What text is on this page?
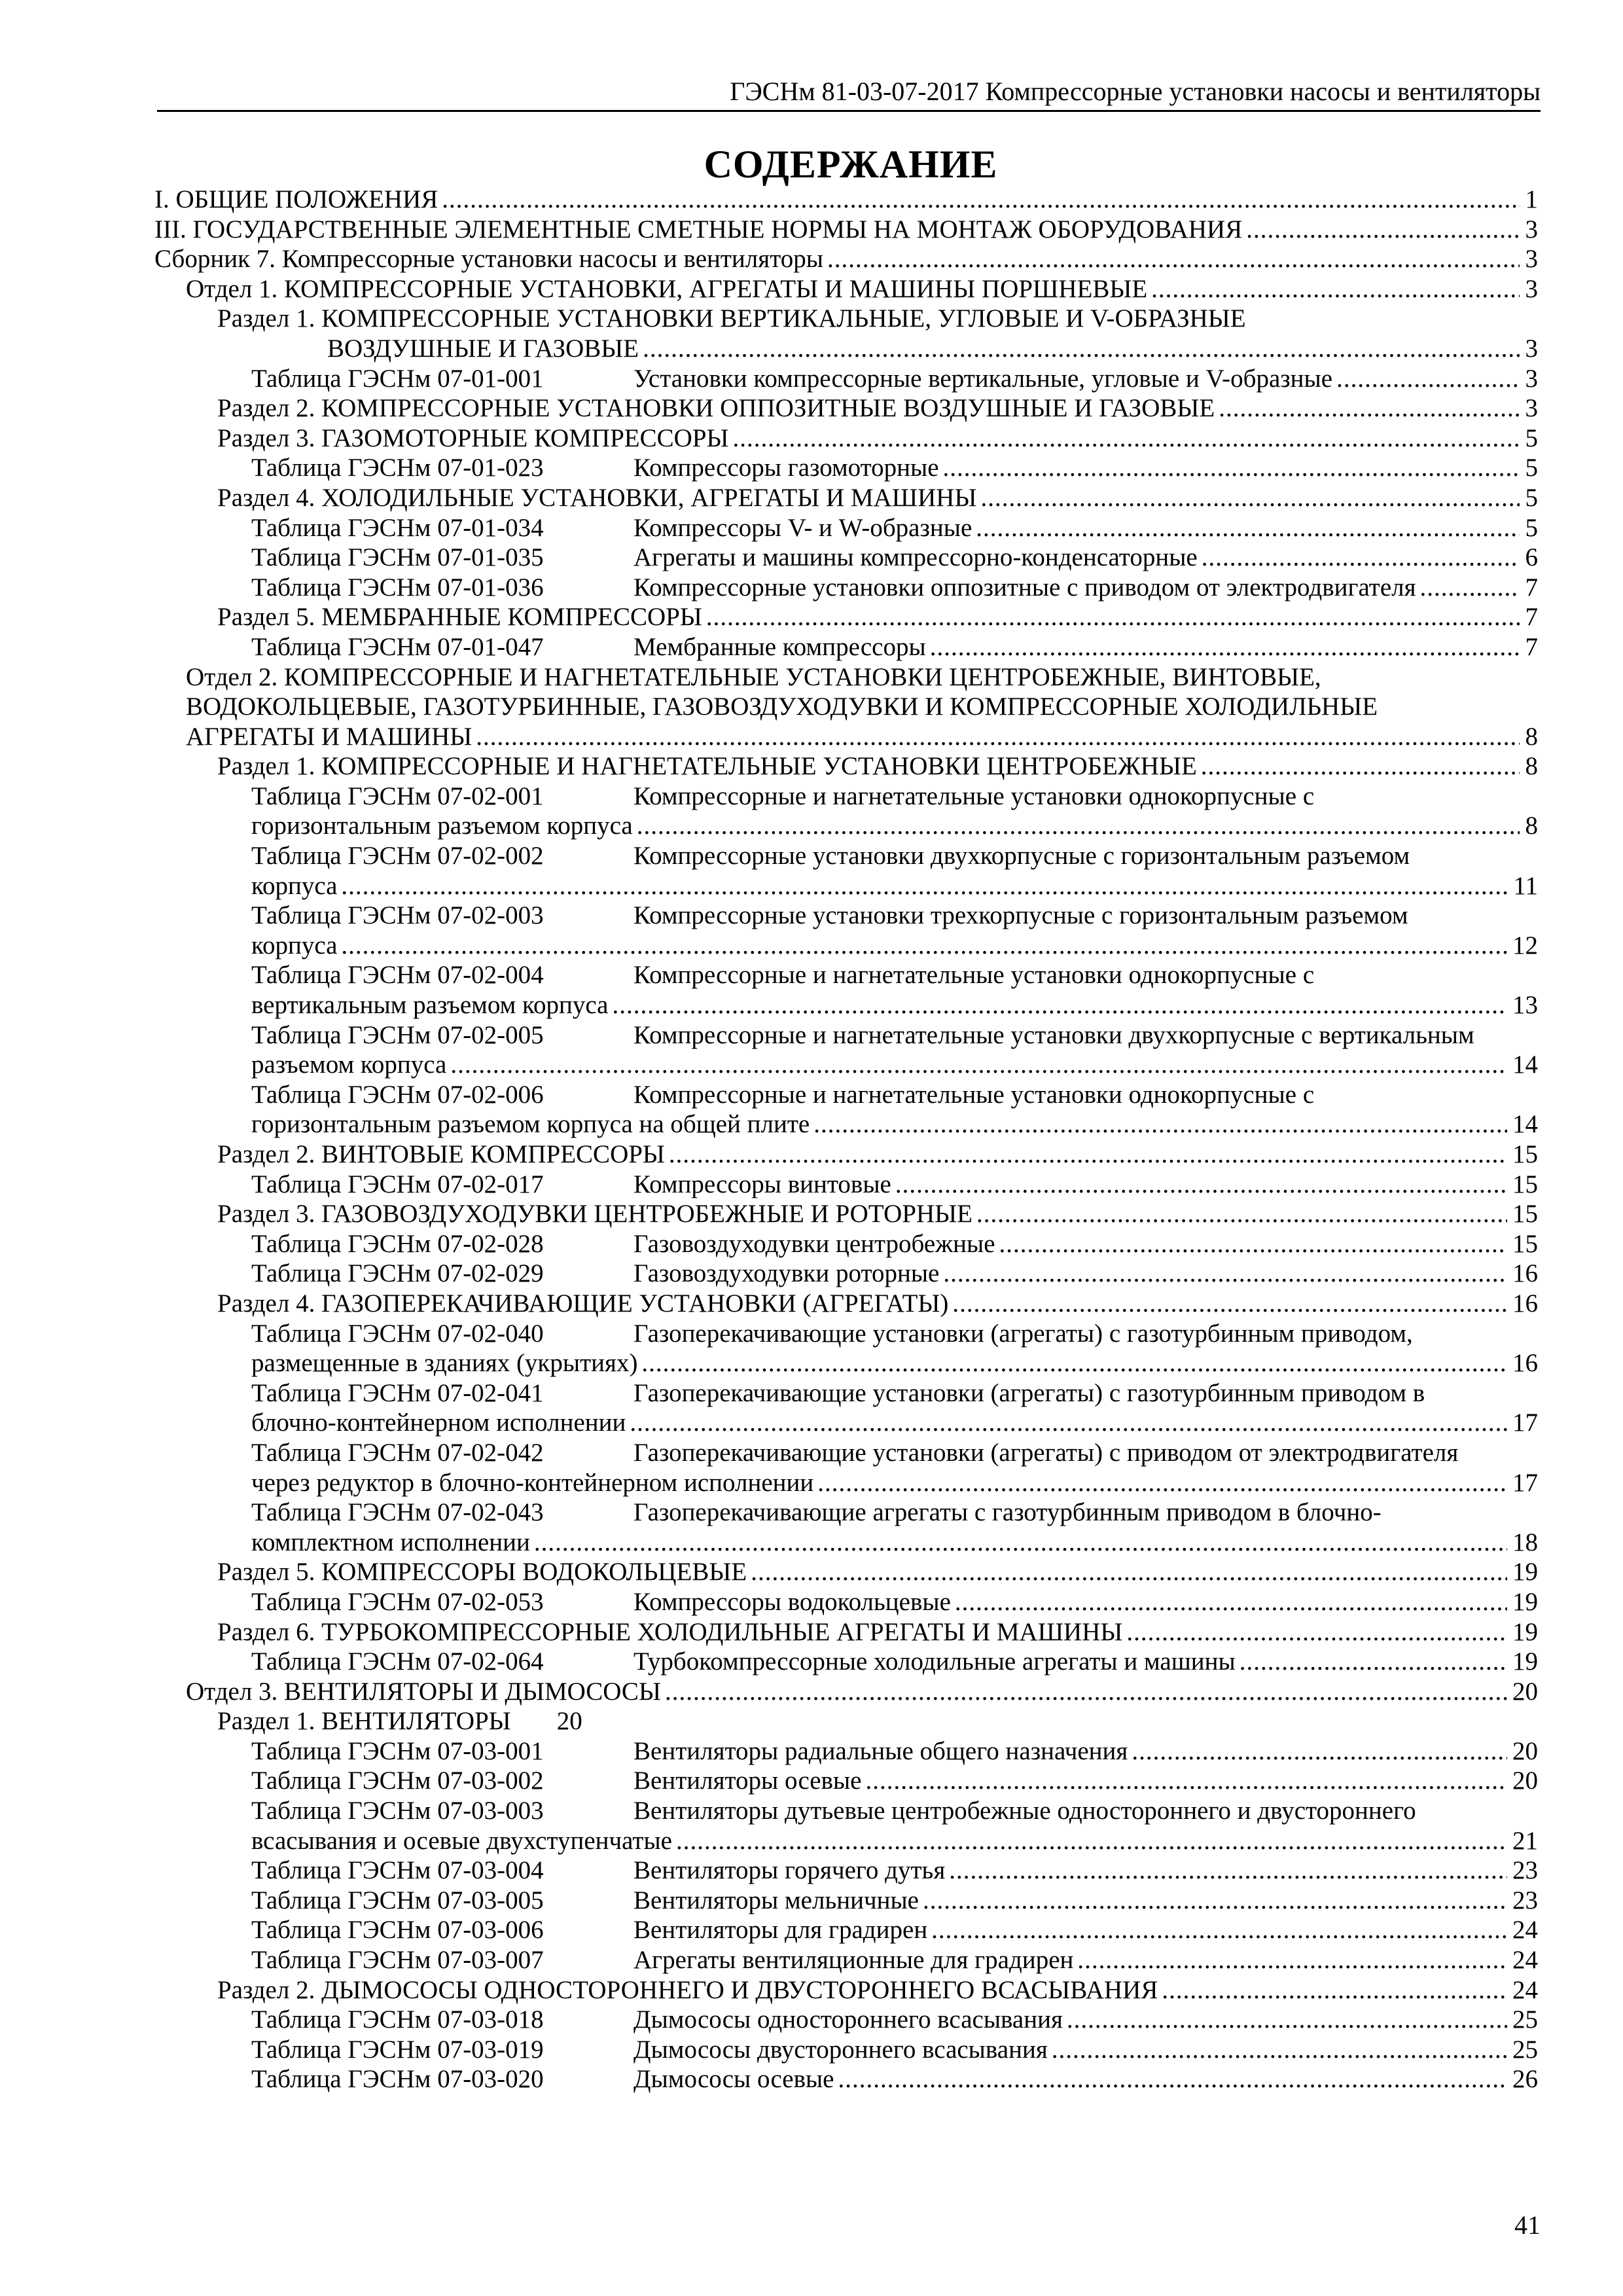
ГЭСНм 81-03-07-2017 Компрессорные установки насосы и вентиляторы
СОДЕРЖАНИЕ
I. ОБЩИЕ ПОЛОЖЕНИЯ	1
.....
III. ГОСУДАРСТВЕННЫЕ ЭЛЕМЕНТНЫЕ СМЕТНЫЕ НОРМЫ НА МОНТАЖ ОБОРУДОВАНИЯ	3
.....
Сборник 7. Компрессорные установки насосы и вентиляторы	3
.....
Отдел 1. КОМПРЕССОРНЫЕ УСТАНОВКИ, АГРЕГАТЫ И МАШИНЫ ПОРШНЕВЫЕ	3
.....
Раздел 1. КОМПРЕССОРНЫЕ УСТАНОВКИ ВЕРТИКАЛЬНЫЕ, УГЛОВЫЕ И V-ОБРАЗНЫЕ
ВОЗДУШНЫЕ И ГАЗОВЫЕ	3
.....
Таблица ГЭСНм 07-01-001	Установки компрессорные вертикальные, угловые и V-образные	3
.....
Раздел 2. КОМПРЕССОРНЫЕ УСТАНОВКИ ОППОЗИТНЫЕ ВОЗДУШНЫЕ И ГАЗОВЫЕ	3
.....
Раздел 3. ГАЗОМОТОРНЫЕ КОМПРЕССОРЫ	5
.....
Таблица ГЭСНм 07-01-023	Компрессоры газомоторные	5
.....
Раздел 4. ХОЛОДИЛЬНЫЕ УСТАНОВКИ, АГРЕГАТЫ И МАШИНЫ	5
.....
Таблица ГЭСНм 07-01-034	Компрессоры V- и W-образные	5
.....
Таблица ГЭСНм 07-01-035	Агрегаты и машины компрессорно-конденсаторные	6
.....
Таблица ГЭСНм 07-01-036	Компрессорные установки оппозитные с приводом от электродвигателя	7
.....
Раздел 5. МЕМБРАННЫЕ КОМПРЕССОРЫ	7
.....
Таблица ГЭСНм 07-01-047	Мембранные компрессоры	7
.....
Отдел 2. КОМПРЕССОРНЫЕ И НАГНЕТАТЕЛЬНЫЕ УСТАНОВКИ ЦЕНТРОБЕЖНЫЕ, ВИНТОВЫЕ,
ВОДОКОЛЬЦЕВЫЕ, ГАЗОТУРБИННЫЕ, ГАЗОВОЗДУХОДУВКИ И КОМПРЕССОРНЫЕ ХОЛОДИЛЬНЫЕ
АГРЕГАТЫ И МАШИНЫ	8
.....
Раздел 1. КОМПРЕССОРНЫЕ И НАГНЕТАТЕЛЬНЫЕ УСТАНОВКИ ЦЕНТРОБЕЖНЫЕ	8
.....
Таблица ГЭСНм 07-02-001	Компрессорные и нагнетательные установки однокорпусные с
горизонтальным разъемом корпуса	8
.....
Таблица ГЭСНм 07-02-002	Компрессорные установки двухкорпусные с горизонтальным разъемом
корпуса	11
.....
Таблица ГЭСНм 07-02-003	Компрессорные установки трехкорпусные с горизонтальным разъемом
корпуса	12
.....
Таблица ГЭСНм 07-02-004	Компрессорные и нагнетательные установки однокорпусные с
вертикальным разъемом корпуса	13
.....
Таблица ГЭСНм 07-02-005	Компрессорные и нагнетательные установки двухкорпусные с вертикальным
разъемом корпуса	14
.....
Таблица ГЭСНм 07-02-006	Компрессорные и нагнетательные установки однокорпусные с
горизонтальным разъемом корпуса на общей плите	14
.....
Раздел 2. ВИНТОВЫЕ КОМПРЕССОРЫ	15
.....
Таблица ГЭСНм 07-02-017	Компрессоры винтовые	15
.....
Раздел 3. ГАЗОВОЗДУХОДУВКИ ЦЕНТРОБЕЖНЫЕ И РОТОРНЫЕ	15
.....
Таблица ГЭСНм 07-02-028	Газовоздуходувки центробежные	15
.....
Таблица ГЭСНм 07-02-029	Газовоздуходувки роторные	16
.....
Раздел 4. ГАЗОПЕРЕКАЧИВАЮЩИЕ УСТАНОВКИ (АГРЕГАТЫ)	16
.....
Таблица ГЭСНм 07-02-040	Газоперекачивающие установки (агрегаты) с газотурбинным приводом,
размещенные в зданиях (укрытиях)	16
.....
Таблица ГЭСНм 07-02-041	Газоперекачивающие установки (агрегаты) с газотурбинным приводом в
блочно-контейнерном исполнении	17
.....
Таблица ГЭСНм 07-02-042	Газоперекачивающие установки (агрегаты) с приводом от электродвигателя
через редуктор в блочно-контейнерном исполнении	17
.....
Таблица ГЭСНм 07-02-043	Газоперекачивающие агрегаты с газотурбинным приводом в блочно-
комплектном исполнении	18
.....
Раздел 5. КОМПРЕССОРЫ ВОДОКОЛЬЦЕВЫЕ	19
.....
Таблица ГЭСНм 07-02-053	Компрессоры водокольцевые	19
.....
Раздел 6. ТУРБОКОМПРЕССОРНЫЕ ХОЛОДИЛЬНЫЕ АГРЕГАТЫ И МАШИНЫ	19
.....
Таблица ГЭСНм 07-02-064	Турбокомпрессорные холодильные агрегаты и машины	19
.....
Отдел 3. ВЕНТИЛЯТОРЫ И ДЫМОСОСЫ	20
.....
Раздел 1. ВЕНТИЛЯТОРЫ 20
Таблица ГЭСНм 07-03-001	Вентиляторы радиальные общего назначения	20
.....
Таблица ГЭСНм 07-03-002	Вентиляторы осевые	20
.....
Таблица ГЭСНм 07-03-003	Вентиляторы дутьевые центробежные одностороннего и двустороннего
всасывания и осевые двухступенчатые	21
.....
Таблица ГЭСНм 07-03-004	Вентиляторы горячего дутья	23
.....
Таблица ГЭСНм 07-03-005	Вентиляторы мельничные	23
.....
Таблица ГЭСНм 07-03-006	Вентиляторы для градирен	24
.....
Таблица ГЭСНм 07-03-007	Агрегаты вентиляционные для градирен	24
.....
Раздел 2. ДЫМОСОСЫ ОДНОСТОРОННЕГО И ДВУСТОРОННЕГО ВСАСЫВАНИЯ	24
.....
Таблица ГЭСНм 07-03-018	Дымососы одностороннего всасывания	25
.....
Таблица ГЭСНм 07-03-019	Дымососы двустороннего всасывания	25
.....
Таблица ГЭСНм 07-03-020	Дымососы осевые	26
.....
41
